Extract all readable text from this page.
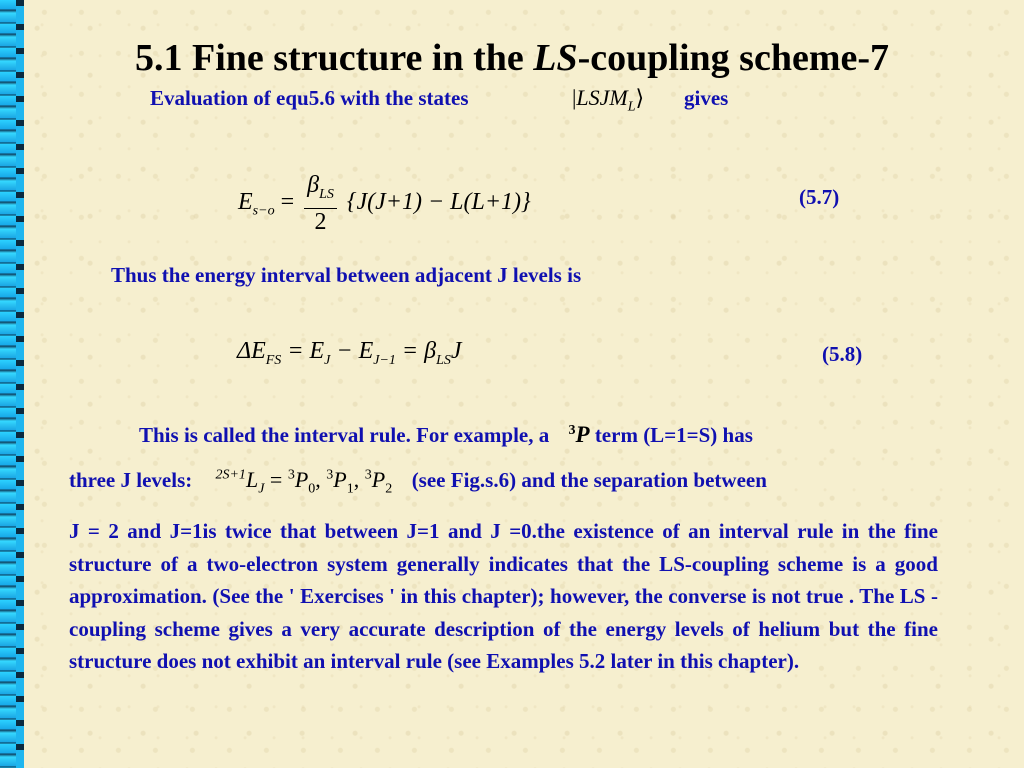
5.1 Fine structure in the LS-coupling scheme-7
Evaluation of equ5.6 with the states	$|LSJM_L⟩$ gives
$E_{s-o} = \frac{\beta_{LS}}{2} \{J(J+1) - L(L+1)\}$	(5.7)
Thus the energy interval between adjacent J levels is
$\Delta E_{FS} = E_J - E_{J-1} = \beta_{LS}J$	(5.8)
This is called the interval rule. For example, a $^3$P term (L=1=S) has
three J levels: $^{2S+1}L_J = ^3P_0$, $^3P_1$, $^3P_2$ (see Fig.s.6) and the separation between
J = 2 and J=1is twice that between J=1 and J =0.the existence of an interval rule in the fine structure of a two-electron system generally indicates that the LS-coupling scheme is a good approximation. (See the ' Exercises ' in this chapter); however, the converse is not true . The LS -coupling scheme gives a very accurate description of the energy levels of helium but the fine structure does not exhibit an interval rule (see Examples 5.2 later in this chapter).
